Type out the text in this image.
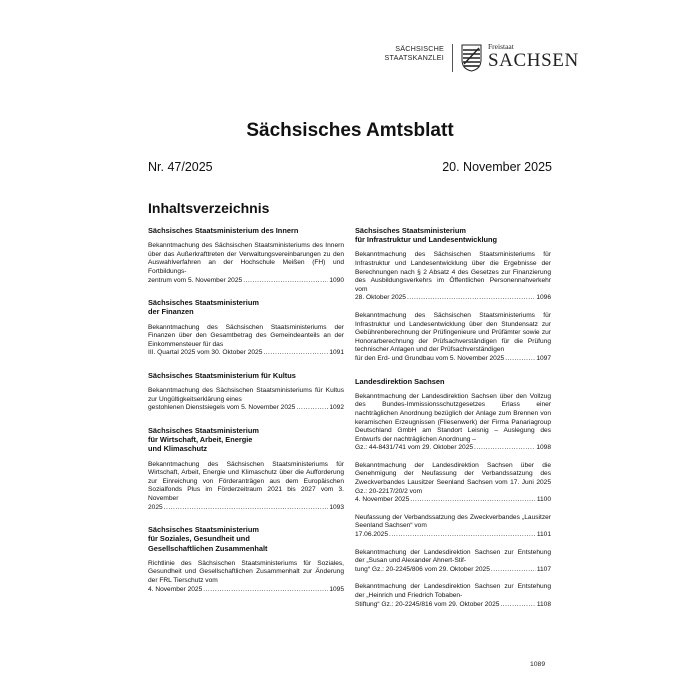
SÄCHSISCHE
STAATSKANZLEI
Freistaat
SACHSEN
Sächsisches Amtsblatt
Nr. 47/2025	20. November 2025
Inhaltsverzeichnis
Sächsisches Staatsministerium des Innern
Bekanntmachung des Sächsischen Staatsministeriums des Innern über das Außerkrafttreten der Verwaltungsvereinbarungen zu den Auswahlverfahren an der Hochschule Meißen (FH) und Fortbildungs-
zentrum vom 5. November 2025 .....	1090
Sächsisches Staatsministerium
der Finanzen
Bekanntmachung des Sächsischen Staatsministeriums der Finanzen über den Gesamtbetrag des Gemeindeanteils an der Einkommensteuer für das
III. Quartal 2025 vom 30. Oktober 2025 .....	1091
Sächsisches Staatsministerium für Kultus
Bekanntmachung des Sächsischen Staatsministeriums für Kultus zur Ungültigkeitserklärung eines
gestohlenen Dienstsiegels vom 5. November 2025 .....	1092
Sächsisches Staatsministerium
für Wirtschaft, Arbeit, Energie
und Klimaschutz
Bekanntmachung des Sächsischen Staatsministeriums für Wirtschaft, Arbeit, Energie und Klimaschutz über die Aufforderung zur Einreichung von Förderanträgen aus dem Europäischen Sozialfonds Plus im Förderzeitraum 2021 bis 2027 vom 3. November
2025 .....	1093
Sächsisches Staatsministerium
für Soziales, Gesundheit und
Gesellschaftlichen Zusammenhalt
Richtlinie des Sächsischen Staatsministeriums für Soziales, Gesundheit und Gesellschaftlichen Zusammenhalt zur Änderung der FRL Tierschutz vom
4. November 2025 .....	1095
Sächsisches Staatsministerium
für Infrastruktur und Landesentwicklung
Bekanntmachung des Sächsischen Staatsministeriums für Infrastruktur und Landesentwicklung über die Ergebnisse der Berechnungen nach § 2 Absatz 4 des Gesetzes zur Finanzierung des Ausbildungsverkehrs im Öffentlichen Personennahverkehr vom
28. Oktober 2025 .....	1096
Bekanntmachung des Sächsischen Staatsministeriums für Infrastruktur und Landesentwicklung über den Stundensatz zur Gebührenberechnung der Prüfingenieure und Prüfämter sowie zur Honorarberechnung der Prüfsachverständigen für die Prüfung technischer Anlagen und der Prüfsachverständigen
für den Erd- und Grundbau vom 5. November 2025 .....	1097
Landesdirektion Sachsen
Bekanntmachung der Landesdirektion Sachsen über den Vollzug des Bundes-Immissionsschutzgesetzes Erlass einer nachträglichen Anordnung bezüglich der Anlage zum Brennen von keramischen Erzeugnissen (Fliesenwerk) der Firma Panariagroup Deutschland GmbH am Standort Leisnig – Auslegung des Entwurfs der nachträglichen Anordnung –
Gz.: 44-8431/741 vom 29. Oktober 2025 .....	1098
Bekanntmachung der Landesdirektion Sachsen über die Genehmigung der Neufassung der Verbandssatzung des Zweckverbandes Lausitzer Seenland Sachsen vom 17. Juni 2025 Gz.: 20-2217/20/2 vom
4. November 2025 .....	1100
Neufassung der Verbandssatzung des Zweckverbandes „Lausitzer Seenland Sachsen“ vom
17.06.2025 .....	1101
Bekanntmachung der Landesdirektion Sachsen zur Entstehung der „Susan und Alexander Ahnert-Stif-
tung“ Gz.: 20-2245/806 vom 29. Oktober 2025 .....	1107
Bekanntmachung der Landesdirektion Sachsen zur Entstehung der „Heinrich und Friedrich Tobaben-
Stiftung“ Gz.: 20-2245/816 vom 29. Oktober 2025 .....	1108
1089
